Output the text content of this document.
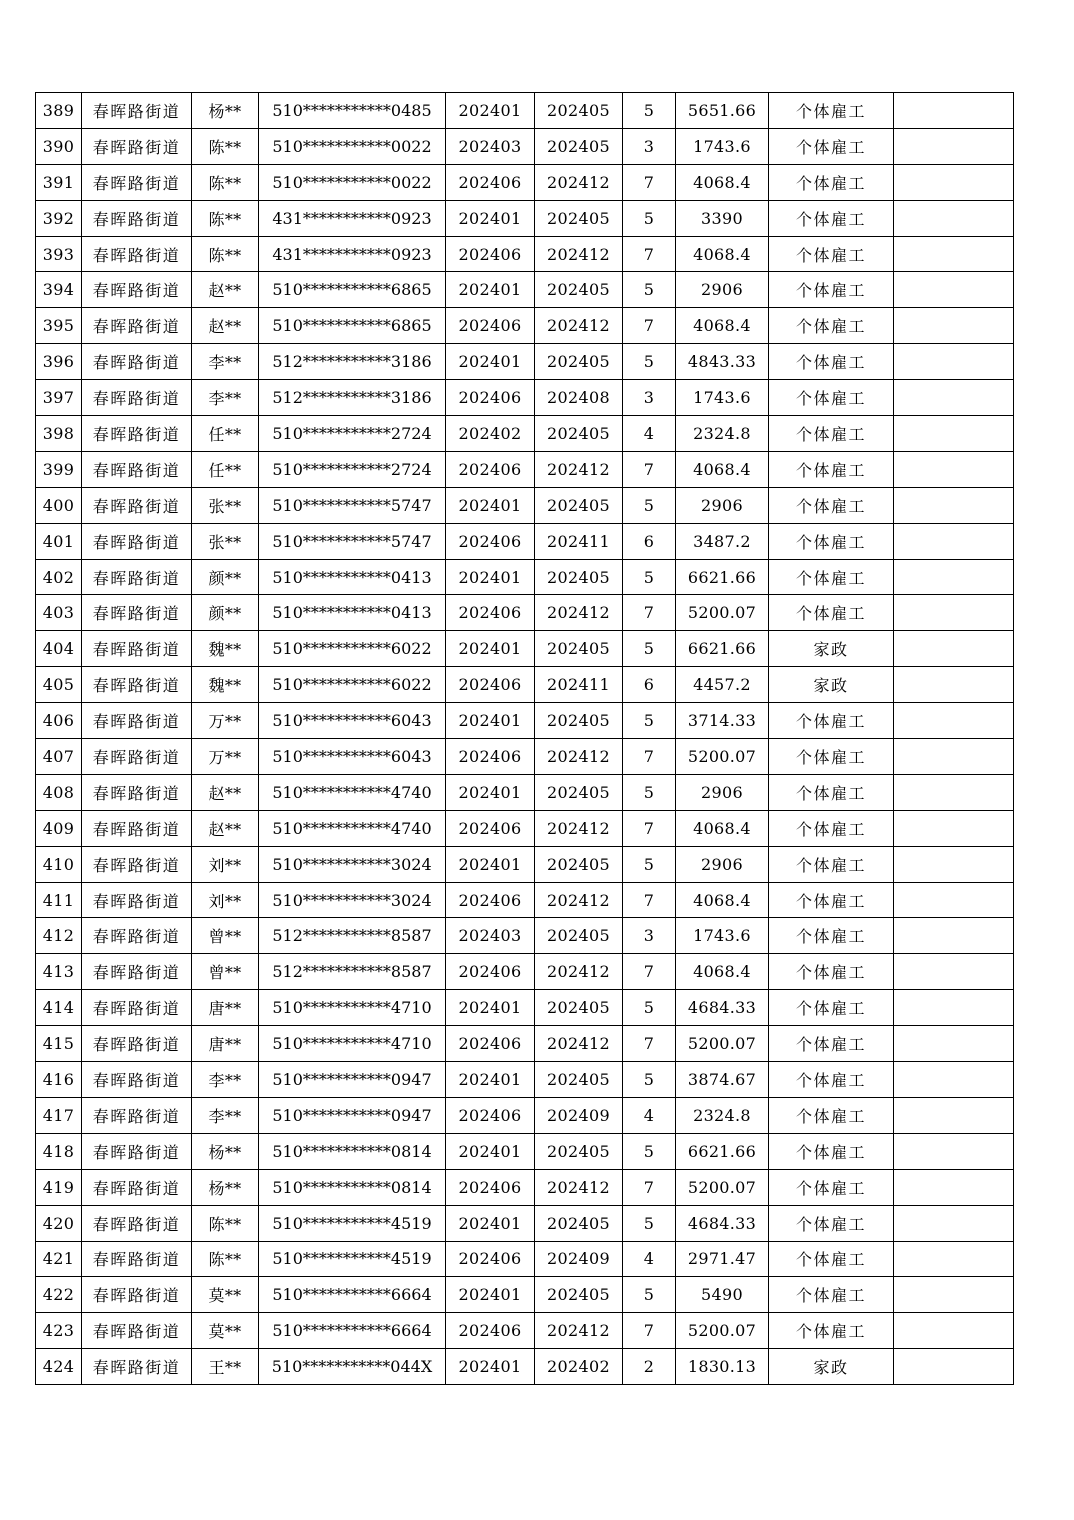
389	春晖路街道	杨**	510***********0485	202401	202405	5	5651.66	个体雇工	
390	春晖路街道	陈**	510***********0022	202403	202405	3	1743.6	个体雇工	
391	春晖路街道	陈**	510***********0022	202406	202412	7	4068.4	个体雇工	
392	春晖路街道	陈**	431***********0923	202401	202405	5	3390	个体雇工	
393	春晖路街道	陈**	431***********0923	202406	202412	7	4068.4	个体雇工	
394	春晖路街道	赵**	510***********6865	202401	202405	5	2906	个体雇工	
395	春晖路街道	赵**	510***********6865	202406	202412	7	4068.4	个体雇工	
396	春晖路街道	李**	512***********3186	202401	202405	5	4843.33	个体雇工	
397	春晖路街道	李**	512***********3186	202406	202408	3	1743.6	个体雇工	
398	春晖路街道	任**	510***********2724	202402	202405	4	2324.8	个体雇工	
399	春晖路街道	任**	510***********2724	202406	202412	7	4068.4	个体雇工	
400	春晖路街道	张**	510***********5747	202401	202405	5	2906	个体雇工	
401	春晖路街道	张**	510***********5747	202406	202411	6	3487.2	个体雇工	
402	春晖路街道	颜**	510***********0413	202401	202405	5	6621.66	个体雇工	
403	春晖路街道	颜**	510***********0413	202406	202412	7	5200.07	个体雇工	
404	春晖路街道	魏**	510***********6022	202401	202405	5	6621.66	家政	
405	春晖路街道	魏**	510***********6022	202406	202411	6	4457.2	家政	
406	春晖路街道	万**	510***********6043	202401	202405	5	3714.33	个体雇工	
407	春晖路街道	万**	510***********6043	202406	202412	7	5200.07	个体雇工	
408	春晖路街道	赵**	510***********4740	202401	202405	5	2906	个体雇工	
409	春晖路街道	赵**	510***********4740	202406	202412	7	4068.4	个体雇工	
410	春晖路街道	刘**	510***********3024	202401	202405	5	2906	个体雇工	
411	春晖路街道	刘**	510***********3024	202406	202412	7	4068.4	个体雇工	
412	春晖路街道	曾**	512***********8587	202403	202405	3	1743.6	个体雇工	
413	春晖路街道	曾**	512***********8587	202406	202412	7	4068.4	个体雇工	
414	春晖路街道	唐**	510***********4710	202401	202405	5	4684.33	个体雇工	
415	春晖路街道	唐**	510***********4710	202406	202412	7	5200.07	个体雇工	
416	春晖路街道	李**	510***********0947	202401	202405	5	3874.67	个体雇工	
417	春晖路街道	李**	510***********0947	202406	202409	4	2324.8	个体雇工	
418	春晖路街道	杨**	510***********0814	202401	202405	5	6621.66	个体雇工	
419	春晖路街道	杨**	510***********0814	202406	202412	7	5200.07	个体雇工	
420	春晖路街道	陈**	510***********4519	202401	202405	5	4684.33	个体雇工	
421	春晖路街道	陈**	510***********4519	202406	202409	4	2971.47	个体雇工	
422	春晖路街道	莫**	510***********6664	202401	202405	5	5490	个体雇工	
423	春晖路街道	莫**	510***********6664	202406	202412	7	5200.07	个体雇工	
424	春晖路街道	王**	510***********044X	202401	202402	2	1830.13	家政	
